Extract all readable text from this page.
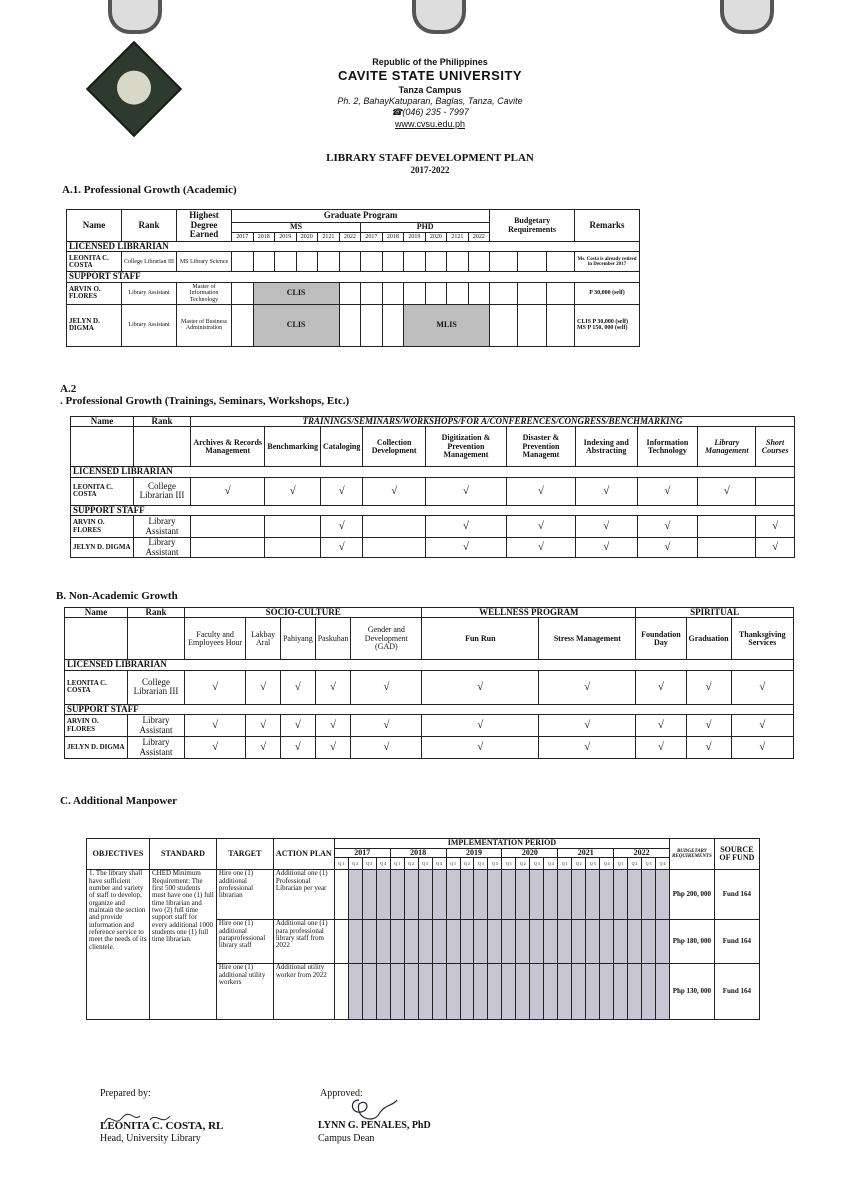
Republic of the Philippines
CAVITE STATE UNIVERSITY
Tanza Campus
Ph. 2, BahayKatuparan, Baglas, Tanza, Cavite
☎(046) 235 - 7997
www.cvsu.edu.ph
LIBRARY STAFF DEVELOPMENT PLAN
2017-2022
A.1. Professional Growth (Academic)
Name	Rank	Highest Degree Earned	Graduate Program												Budgetary Requirements			Remarks
			MS						PHD									
			2017	2018	2019	2020	2121	2022	2017	2018	2019	2020	2121	2022				
LICENSED LIBRARIAN																		
LEONITA C. COSTA	College Librarian III	MS Library Science																Ms. Costa is already retired in December 2017
SUPPORT STAFF																		
ARVIN O. FLORES	Library Assistant	Master of Information Technology		CLIS														P 30,000 (self)
JELYN D. DIGMA	Library Assistant	Master of Business Administration		CLIS							MLIS							CLIS P 30,000 (self) MS P 150, 000 (self)
A.2
. Professional Growth (Trainings, Seminars, Workshops, Etc.)
Name	Rank	TRAININGS/SEMINARS/WORKSHOPS/FOR A/CONFERENCES/CONGRESS/BENCHMARKING									
		Archives & Records Management	Benchmarking	Cataloging	Collection Development	Digitization & Prevention Management	Disaster & Prevention Managemt	Indexing and Abstracting	Information Technology	Library Management	Short Courses
LICENSED LIBRARIAN											
LEONITA C. COSTA	College Librarian III	√	√	√	√	√	√	√	√	√	
SUPPORT STAFF											
ARVIN O. FLORES	Library Assistant			√		√	√	√	√		√
JELYN D. DIGMA	Library Assistant			√		√	√	√	√		√
B. Non-Academic Growth
Name	Rank	SOCIO-CULTURE					WELLNESS PROGRAM		SPIRITUAL		
		Faculty and Employees Hour	Lakbay Aral	Pahiyang	Paskuhan	Gender and Development (GAD)	Fun Run	Stress Management	Foundation Day	Graduation	Thanksgiving Services
LICENSED LIBRARIAN											
LEONITA C. COSTA	College Librarian III	√	√	√	√	√	√	√	√	√	√
SUPPORT STAFF											
ARVIN O. FLORES	Library Assistant	√	√	√	√	√	√	√	√	√	√
JELYN D. DIGMA	Library Assistant	√	√	√	√	√	√	√	√	√	√
C. Additional Manpower
OBJECTIVES	STANDARD	TARGET	ACTION PLAN	IMPLEMENTATION PERIOD																								BUDGETARY REQUIREMENTS	SOURCE OF FUND
				2017				2018				2019				2020				2021				2022					
				Q 1	Q 2	Q 3	Q 4	Q 1	Q 2	Q 3	Q 4	Q 1	Q 2	Q 3	Q 4	Q 1	Q 2	Q 3	Q 4	Q 1	Q 2	Q 3	Q 4	Q 1	Q 2	Q 3	Q 4		
1. The library shall have sufficient number and variety of staff to develop, organize and maintain the section and provide information and reference service to meet the needs of its clientele.	CHED Minimum Requirement: The first 500 students must have one (1) full time librarian and two (2) full time support staff for every additional 1000 students one (1) full time librarian.	Hire one (1) additional professional librarian	Additional one (1) Professional Librarian per year																									Php 200, 000	Fund 164
		Hire one (1) additional paraprofessional library staff	Additional one (1) para professional library staff from 2022																									Php 180, 000	Fund 164
		Hire one (1) additional utility workers	Additional utility worker from 2022																									Php 130, 000	Fund 164
Prepared by:
LEONITA C. COSTA, RL
Head, University Library
Approved:
LYNN G. PENALES, PhD
Campus Dean
